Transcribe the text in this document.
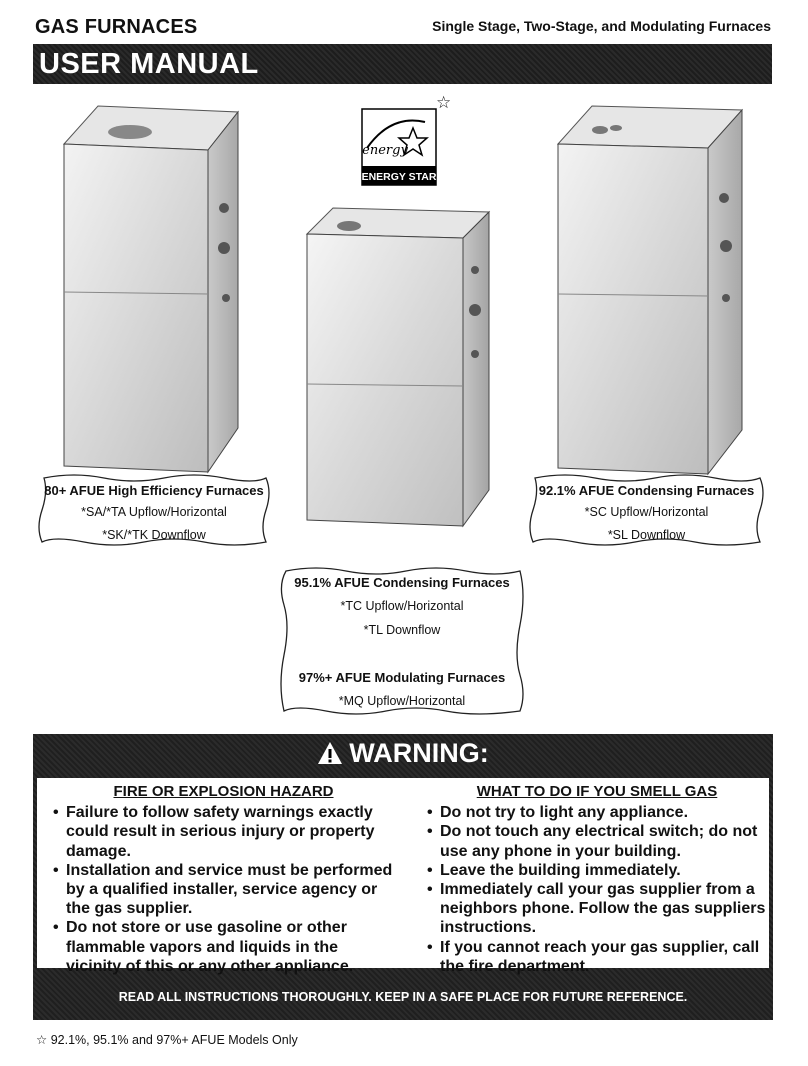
GAS FURNACES	Single Stage, Two-Stage, and Modulating Furnaces
USER MANUAL
☆
energy
ENERGY STAR
80+ AFUE High Efficiency Furnaces
*SA/*TA Upflow/Horizontal
*SK/*TK Downflow
92.1% AFUE Condensing Furnaces
*SC Upflow/Horizontal
*SL Downflow
95.1% AFUE Condensing Furnaces
*TC Upflow/Horizontal
*TL Downflow
97%+ AFUE Modulating Furnaces
*MQ Upflow/Horizontal
WARNING:
FIRE OR EXPLOSION HAZARD
• Failure to follow safety warnings exactly could result in serious injury or property damage.
• Installation and service must be performed by a qualified installer, service agency or the gas supplier.
• Do not store or use gasoline or other flammable vapors and liquids in the vicinity of this or any other appliance.
WHAT TO DO IF YOU SMELL GAS
• Do not try to light any appliance.
• Do not touch any electrical switch; do not use any phone in your building.
• Leave the building immediately.
• Immediately call your gas supplier from a neighbors phone. Follow the gas suppliers instructions.
• If you cannot reach your gas supplier, call the fire department.
READ ALL INSTRUCTIONS THOROUGHLY. KEEP IN A SAFE PLACE FOR FUTURE REFERENCE.
☆ 92.1%, 95.1% and 97%+ AFUE Models Only
